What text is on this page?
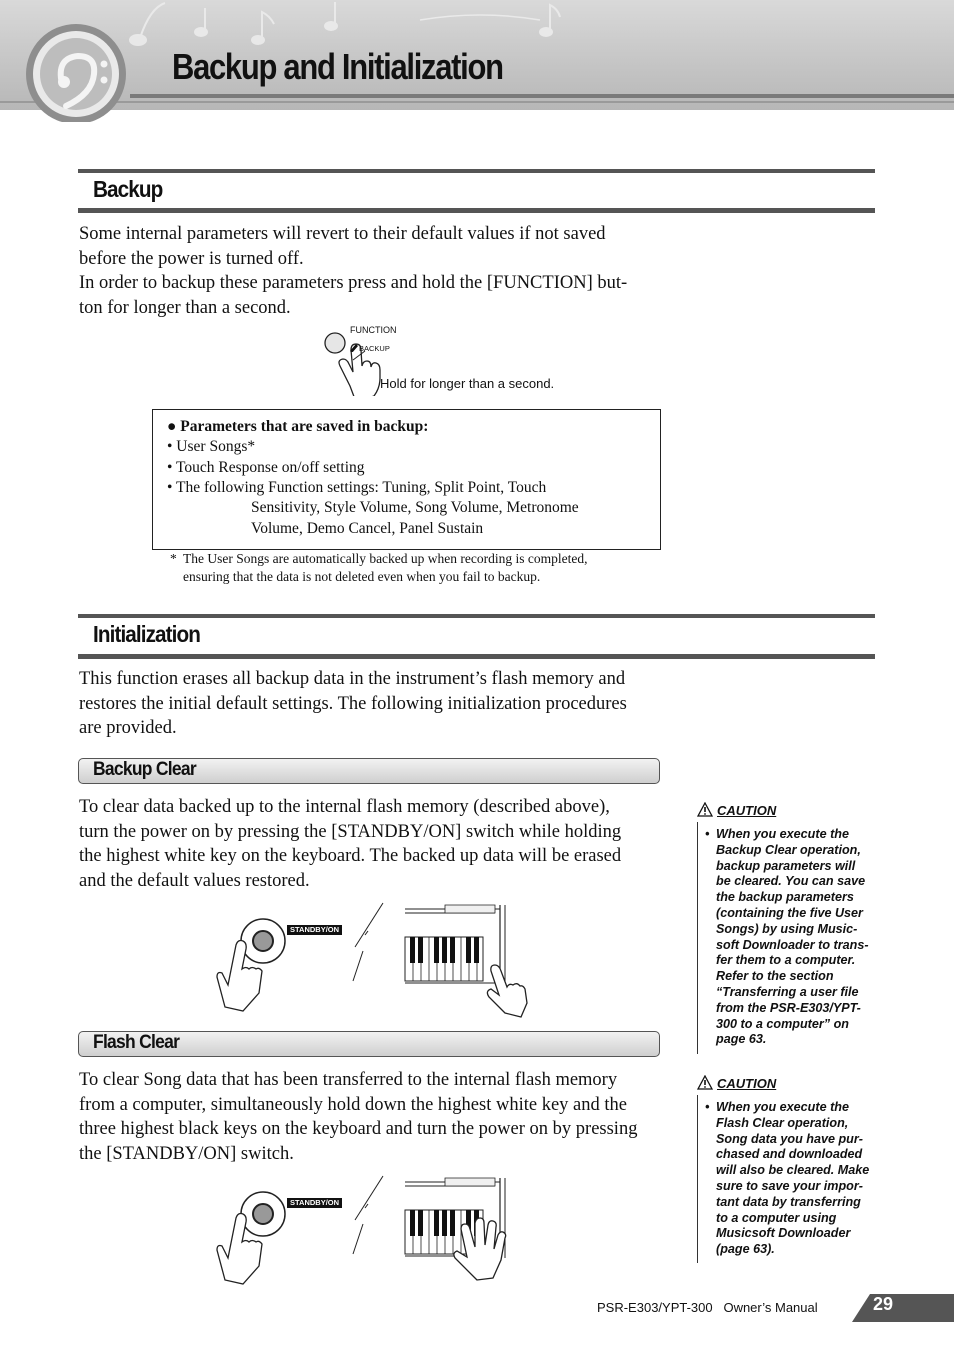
Backup and Initialization
Backup
Some internal parameters will revert to their default values if not saved
before the power is turned off.
In order to backup these parameters press and hold the [FUNCTION] but-
ton for longer than a second.
FUNCTION
BACKUP
Hold for longer than a second.
● Parameters that are saved in backup:
• User Songs*
• Touch Response on/off setting
• The following Function settings: Tuning, Split Point, Touch
Sensitivity, Style Volume, Song Volume, Metronome
Volume, Demo Cancel, Panel Sustain
* The User Songs are automatically backed up when recording is completed,
ensuring that the data is not deleted even when you fail to backup.
Initialization
This function erases all backup data in the instrument’s flash memory and
restores the initial default settings. The following initialization procedures
are provided.
Backup Clear
To clear data backed up to the internal flash memory (described above),
turn the power on by pressing the [STANDBY/ON] switch while holding
the highest white key on the keyboard. The backed up data will be erased
and the default values restored.
STANDBY/ON
Flash Clear
To clear Song data that has been transferred to the internal flash memory
from a computer, simultaneously hold down the highest white key and the
three highest black keys on the keyboard and turn the power on by pressing
the [STANDBY/ON] switch.
STANDBY/ON
CAUTION
• When you execute the
Backup Clear operation,
backup parameters will
be cleared. You can save
the backup parameters
(containing the five User
Songs) by using Music-
soft Downloader to trans-
fer them to a computer.
Refer to the section
“Transferring a user file
from the PSR-E303/YPT-
300 to a computer” on
page 63.
CAUTION
• When you execute the
Flash Clear operation,
Song data you have pur-
chased and downloaded
will also be cleared. Make
sure to save your impor-
tant data by transferring
to a computer using
Musicsoft Downloader
(page 63).
PSR-E303/YPT-300   Owner’s Manual	29
